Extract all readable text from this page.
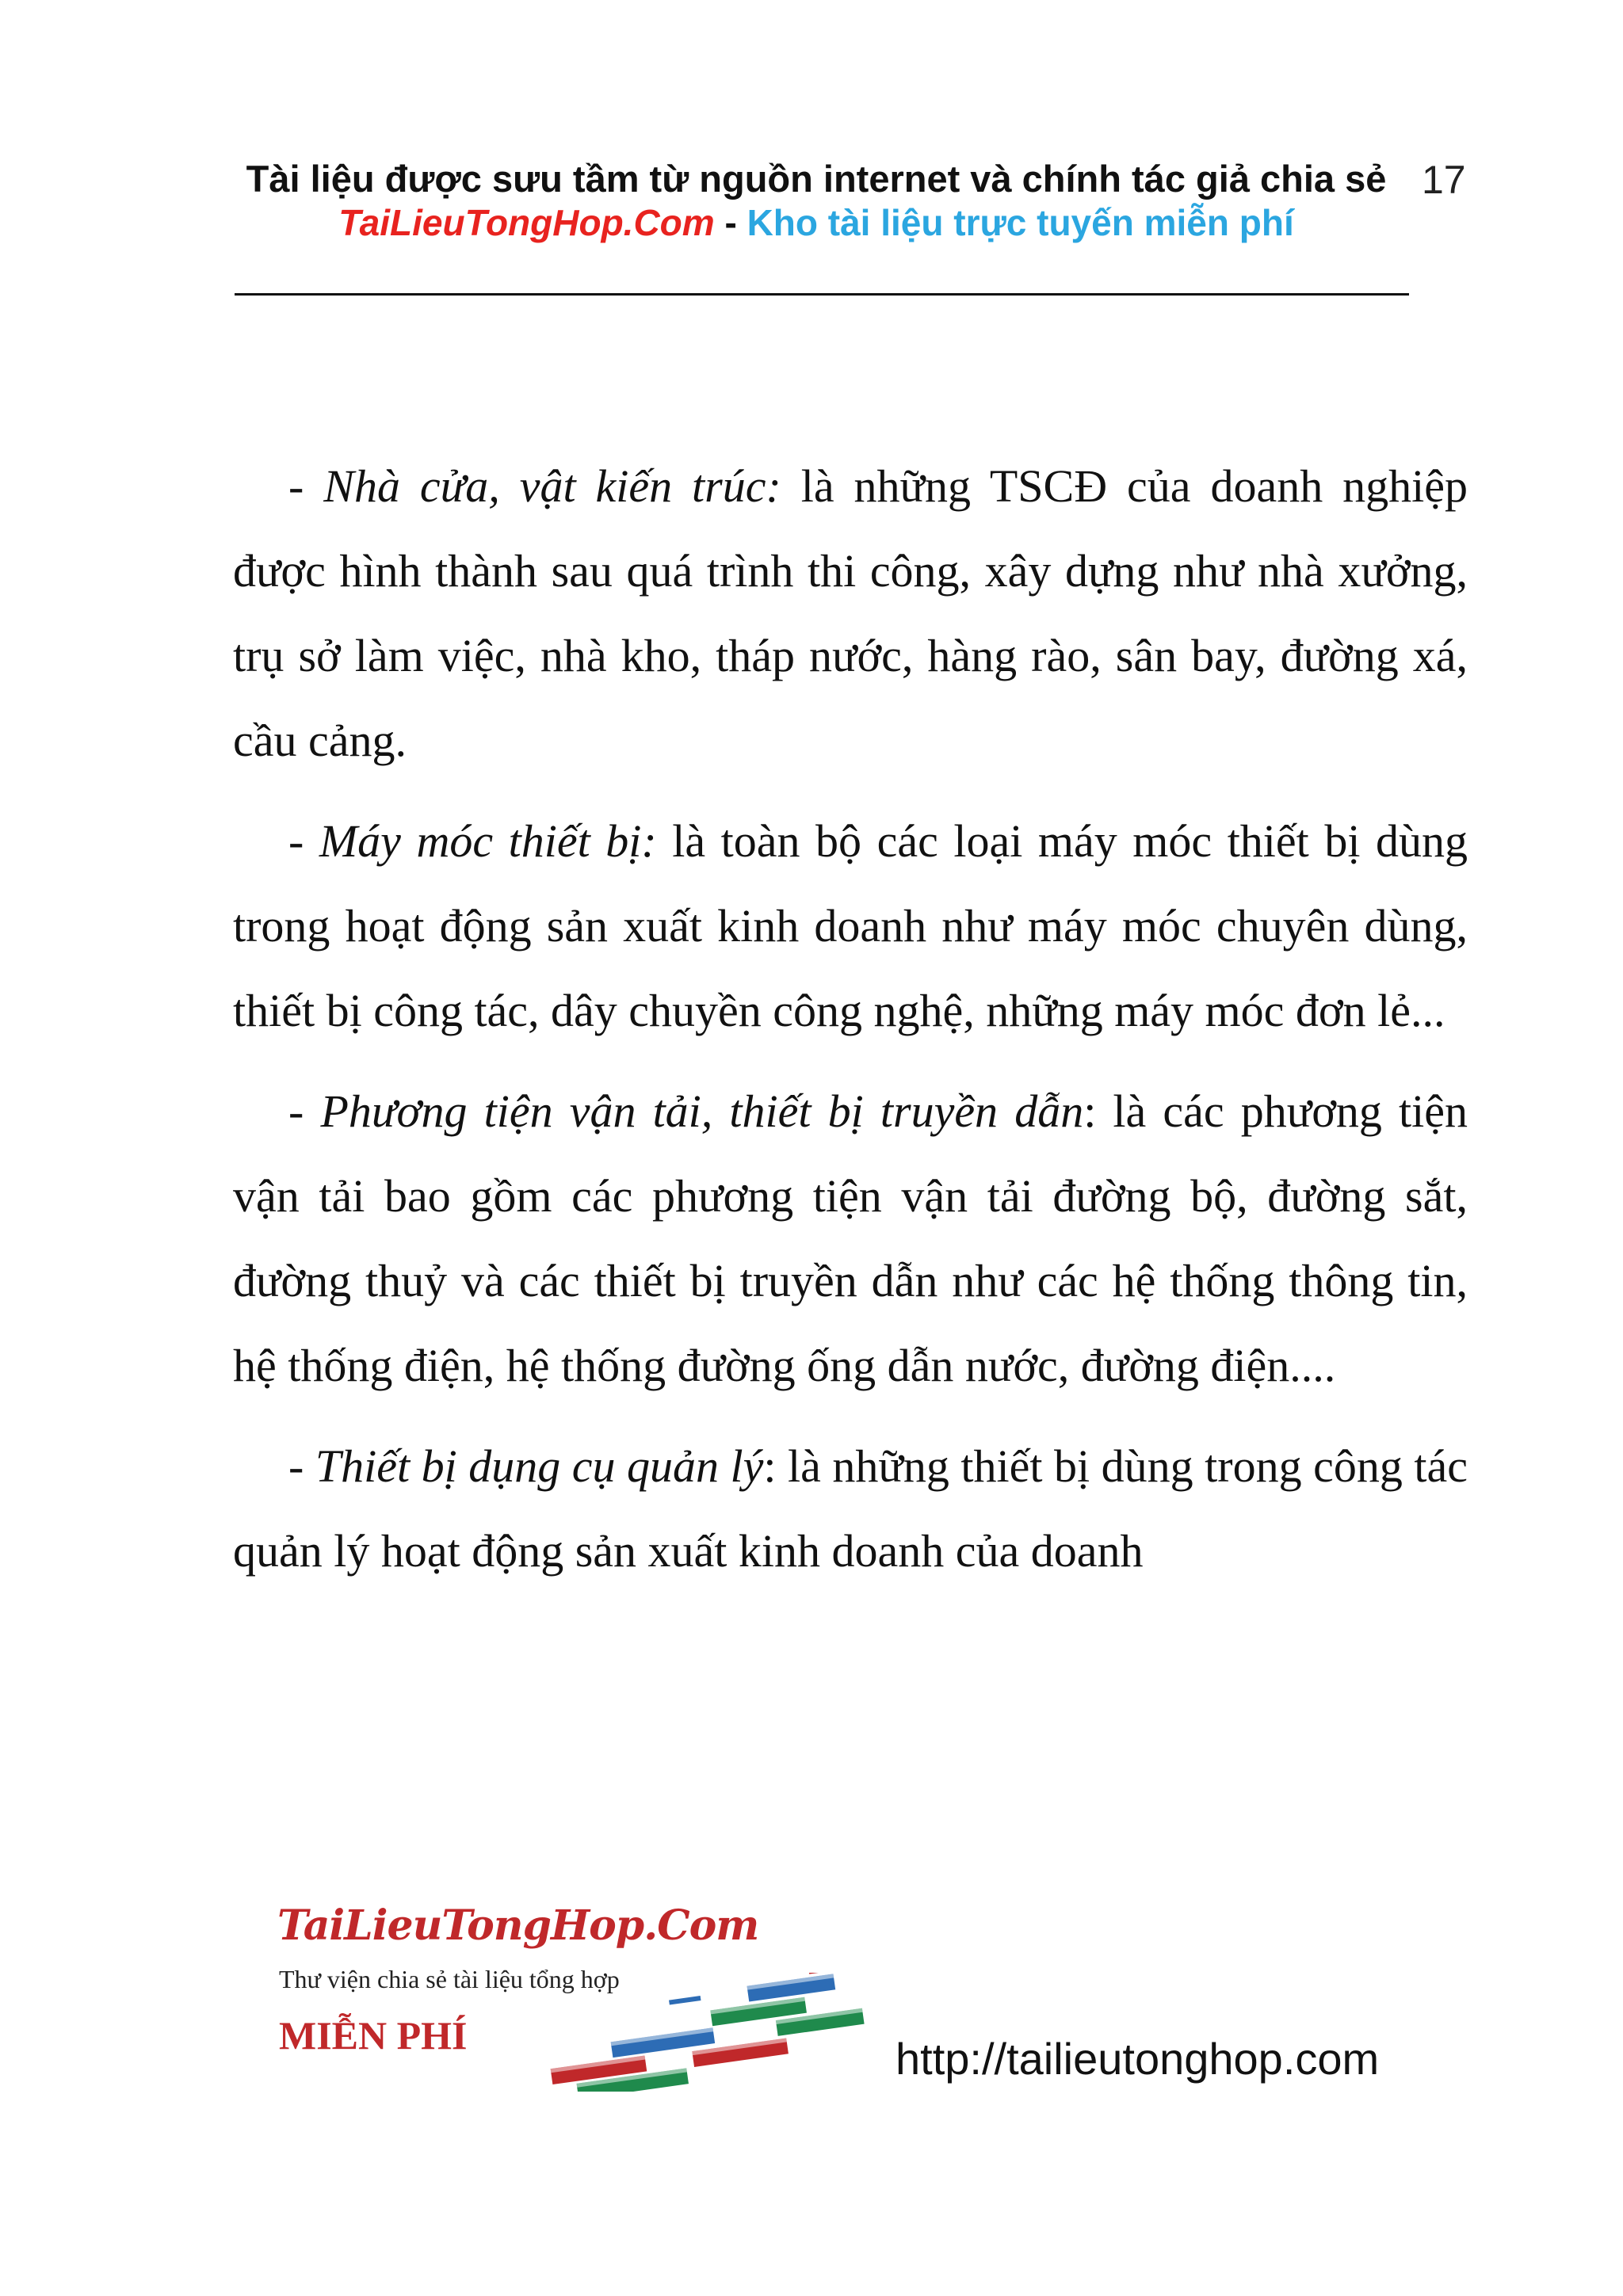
Tài liệu được sưu tầm từ nguồn internet và chính tác giả chia sẻ 17
TaiLieuTongHop.Com - Kho tài liệu trực tuyến miễn phí

- Nhà cửa, vật kiến trúc: là những TSCĐ của doanh nghiệp được hình thành sau quá trình thi công, xây dựng như nhà xưởng, trụ sở làm việc, nhà kho, tháp nước, hàng rào, sân bay, đường xá, cầu cảng.

- Máy móc thiết bị: là toàn bộ các loại máy móc thiết bị dùng trong hoạt động sản xuất kinh doanh như máy móc chuyên dùng, thiết bị công tác, dây chuyền công nghệ, những máy móc đơn lẻ...

- Phương tiện vận tải, thiết bị truyền dẫn: là các phương tiện vận tải bao gồm các phương tiện vận tải đường bộ, đường sắt, đường thuỷ và các thiết bị truyền dẫn như các hệ thống thông tin, hệ thống điện, hệ thống đường ống dẫn nước, đường điện....

- Thiết bị dụng cụ quản lý: là những thiết bị dùng trong công tác quản lý hoạt động sản xuất kinh doanh của doanh

TaiLieuTongHop.Com
Thư viện chia sẻ tài liệu tổng hợp
MIỄN PHÍ	http://tailieutonghop.com
